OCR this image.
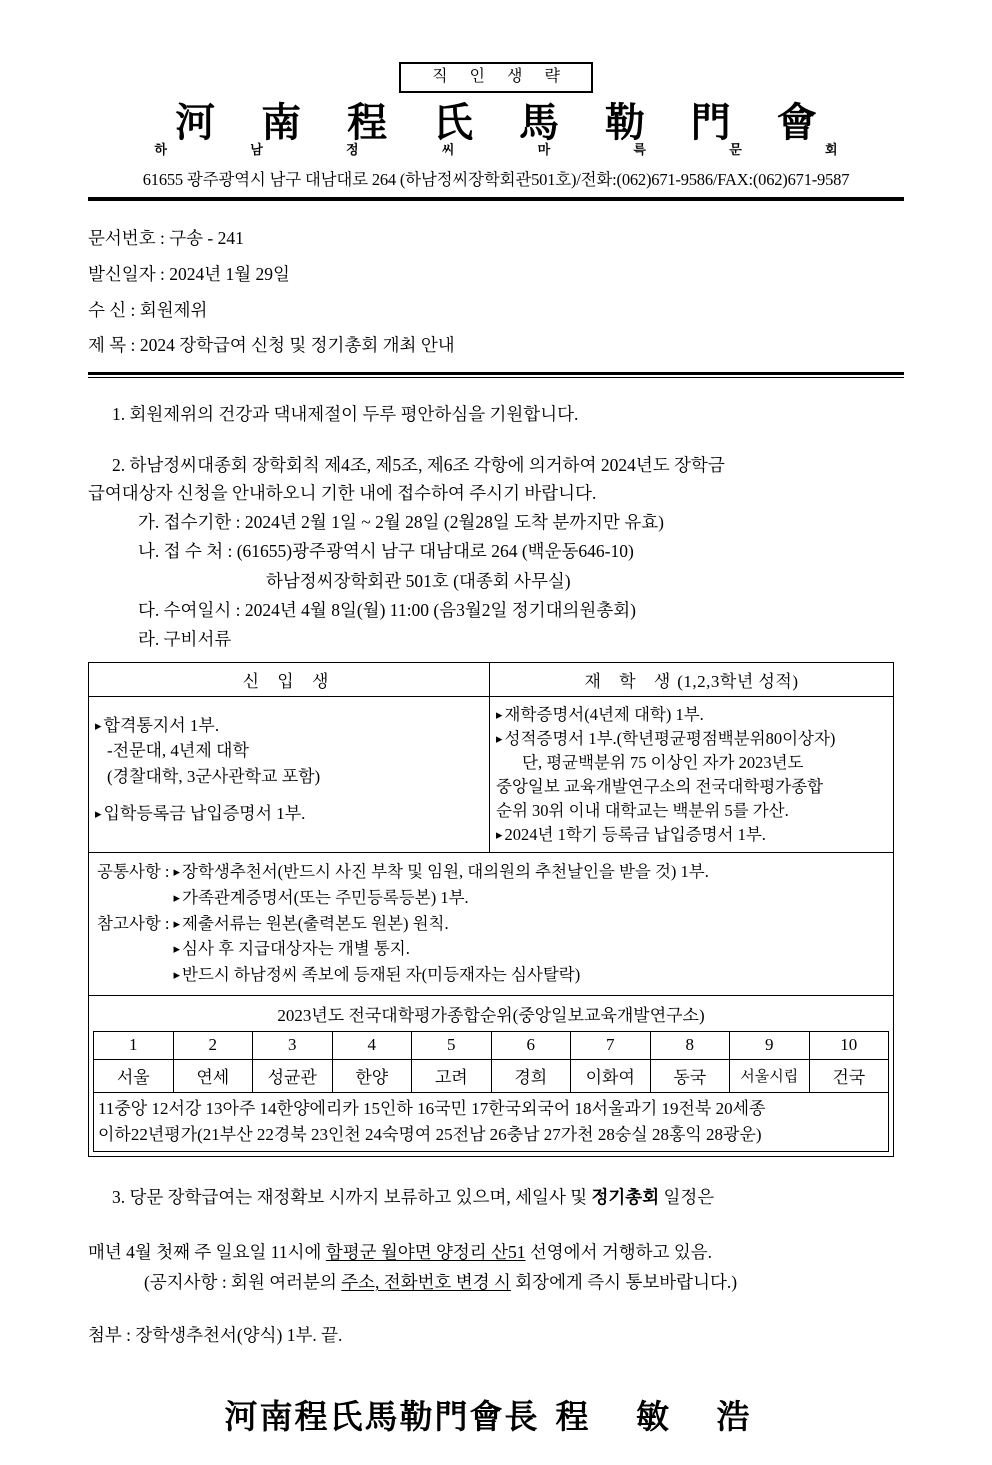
직 인 생 략
河 南 程 氏 馬 勒 門 會
하 남 정 씨 마 륵 문 회
61655 광주광역시 남구 대남대로 264 (하남정씨장학회관501호)/전화:(062)671-9586/FAX:(062)671-9587
문서번호 : 구송 - 241
발신일자 : 2024년 1월 29일
수 신 : 회원제위
제 목 : 2024 장학급여 신청 및 정기총회 개최 안내
1. 회원제위의 건강과 댁내제절이 두루 평안하심을 기원합니다.
2. 하남정씨대종회 장학회칙 제4조, 제5조, 제6조 각항에 의거하여 2024년도 장학금
급여대상자 신청을 안내하오니 기한 내에 접수하여 주시기 바랍니다.
가. 접수기한 : 2024년 2월 1일 ~ 2월 28일 (2월28일 도착 분까지만 유효)
나. 접 수 처 : (61655)광주광역시 남구 대남대로 264 (백운동646-10)
하남정씨장학회관 501호 (대종회 사무실)
다. 수여일시 : 2024년 4월 8일(월) 11:00 (음3월2일 정기대의원총회)
라. 구비서류
신 입 생	재 학 생(1,2,3학년 성적)

▸ 합격통지서 1부.
-전문대, 4년제 대학
(경찰대학, 3군사관학교 포함)
▸ 입학등록금 납입증명서 1부.

▸ 재학증명서(4년제 대학) 1부.
▸ 성적증명서 1부.(학년평균평점백분위80이상자)
단, 평균백분위 75 이상인 자가 2023년도
중앙일보 교육개발연구소의 전국대학평가종합
순위 30위 이내 대학교는 백분위 5를 가산.
▸ 2024년 1학기 등록금 납입증명서 1부.

공통사항 : ▸ 장학생추천서(반드시 사진 부착 및 임원, 대의원의 추천날인을 받을 것) 1부.
▸ 가족관계증명서(또는 주민등록등본) 1부.
참고사항 : ▸ 제출서류는 원본(출력본도 원본) 원칙.
▸ 심사 후 지급대상자는 개별 통지.
▸ 반드시 하남정씨 족보에 등재된 자(미등재자는 심사탈락)

2023년도 전국대학평가종합순위(중앙일보교육개발연구소)
1	2	3	4	5	6	7	8	9	10
서울	연세	성균관	한양	고려	경희	이화여	동국	서울시립	건국
11중앙 12서강 13아주 14한양에리카 15인하 16국민 17한국외국어 18서울과기 19전북 20세종
이하22년평가(21부산 22경북 23인천 24숙명여 25전남 26충남 27가천 28숭실 28홍익 28광운)
3. 당문 장학급여는 재정확보 시까지 보류하고 있으며, 세일사 및 정기총회 일정은
매년 4월 첫째 주 일요일 11시에 함평군 월야면 양정리 산51 선영에서 거행하고 있음.
(공지사항 : 회원 여러분의 주소, 전화번호 변경 시 회장에게 즉시 통보바랍니다.)
첨부 : 장학생추천서(양식) 1부. 끝.
河南程氏馬勒門會長 程 敏 浩
